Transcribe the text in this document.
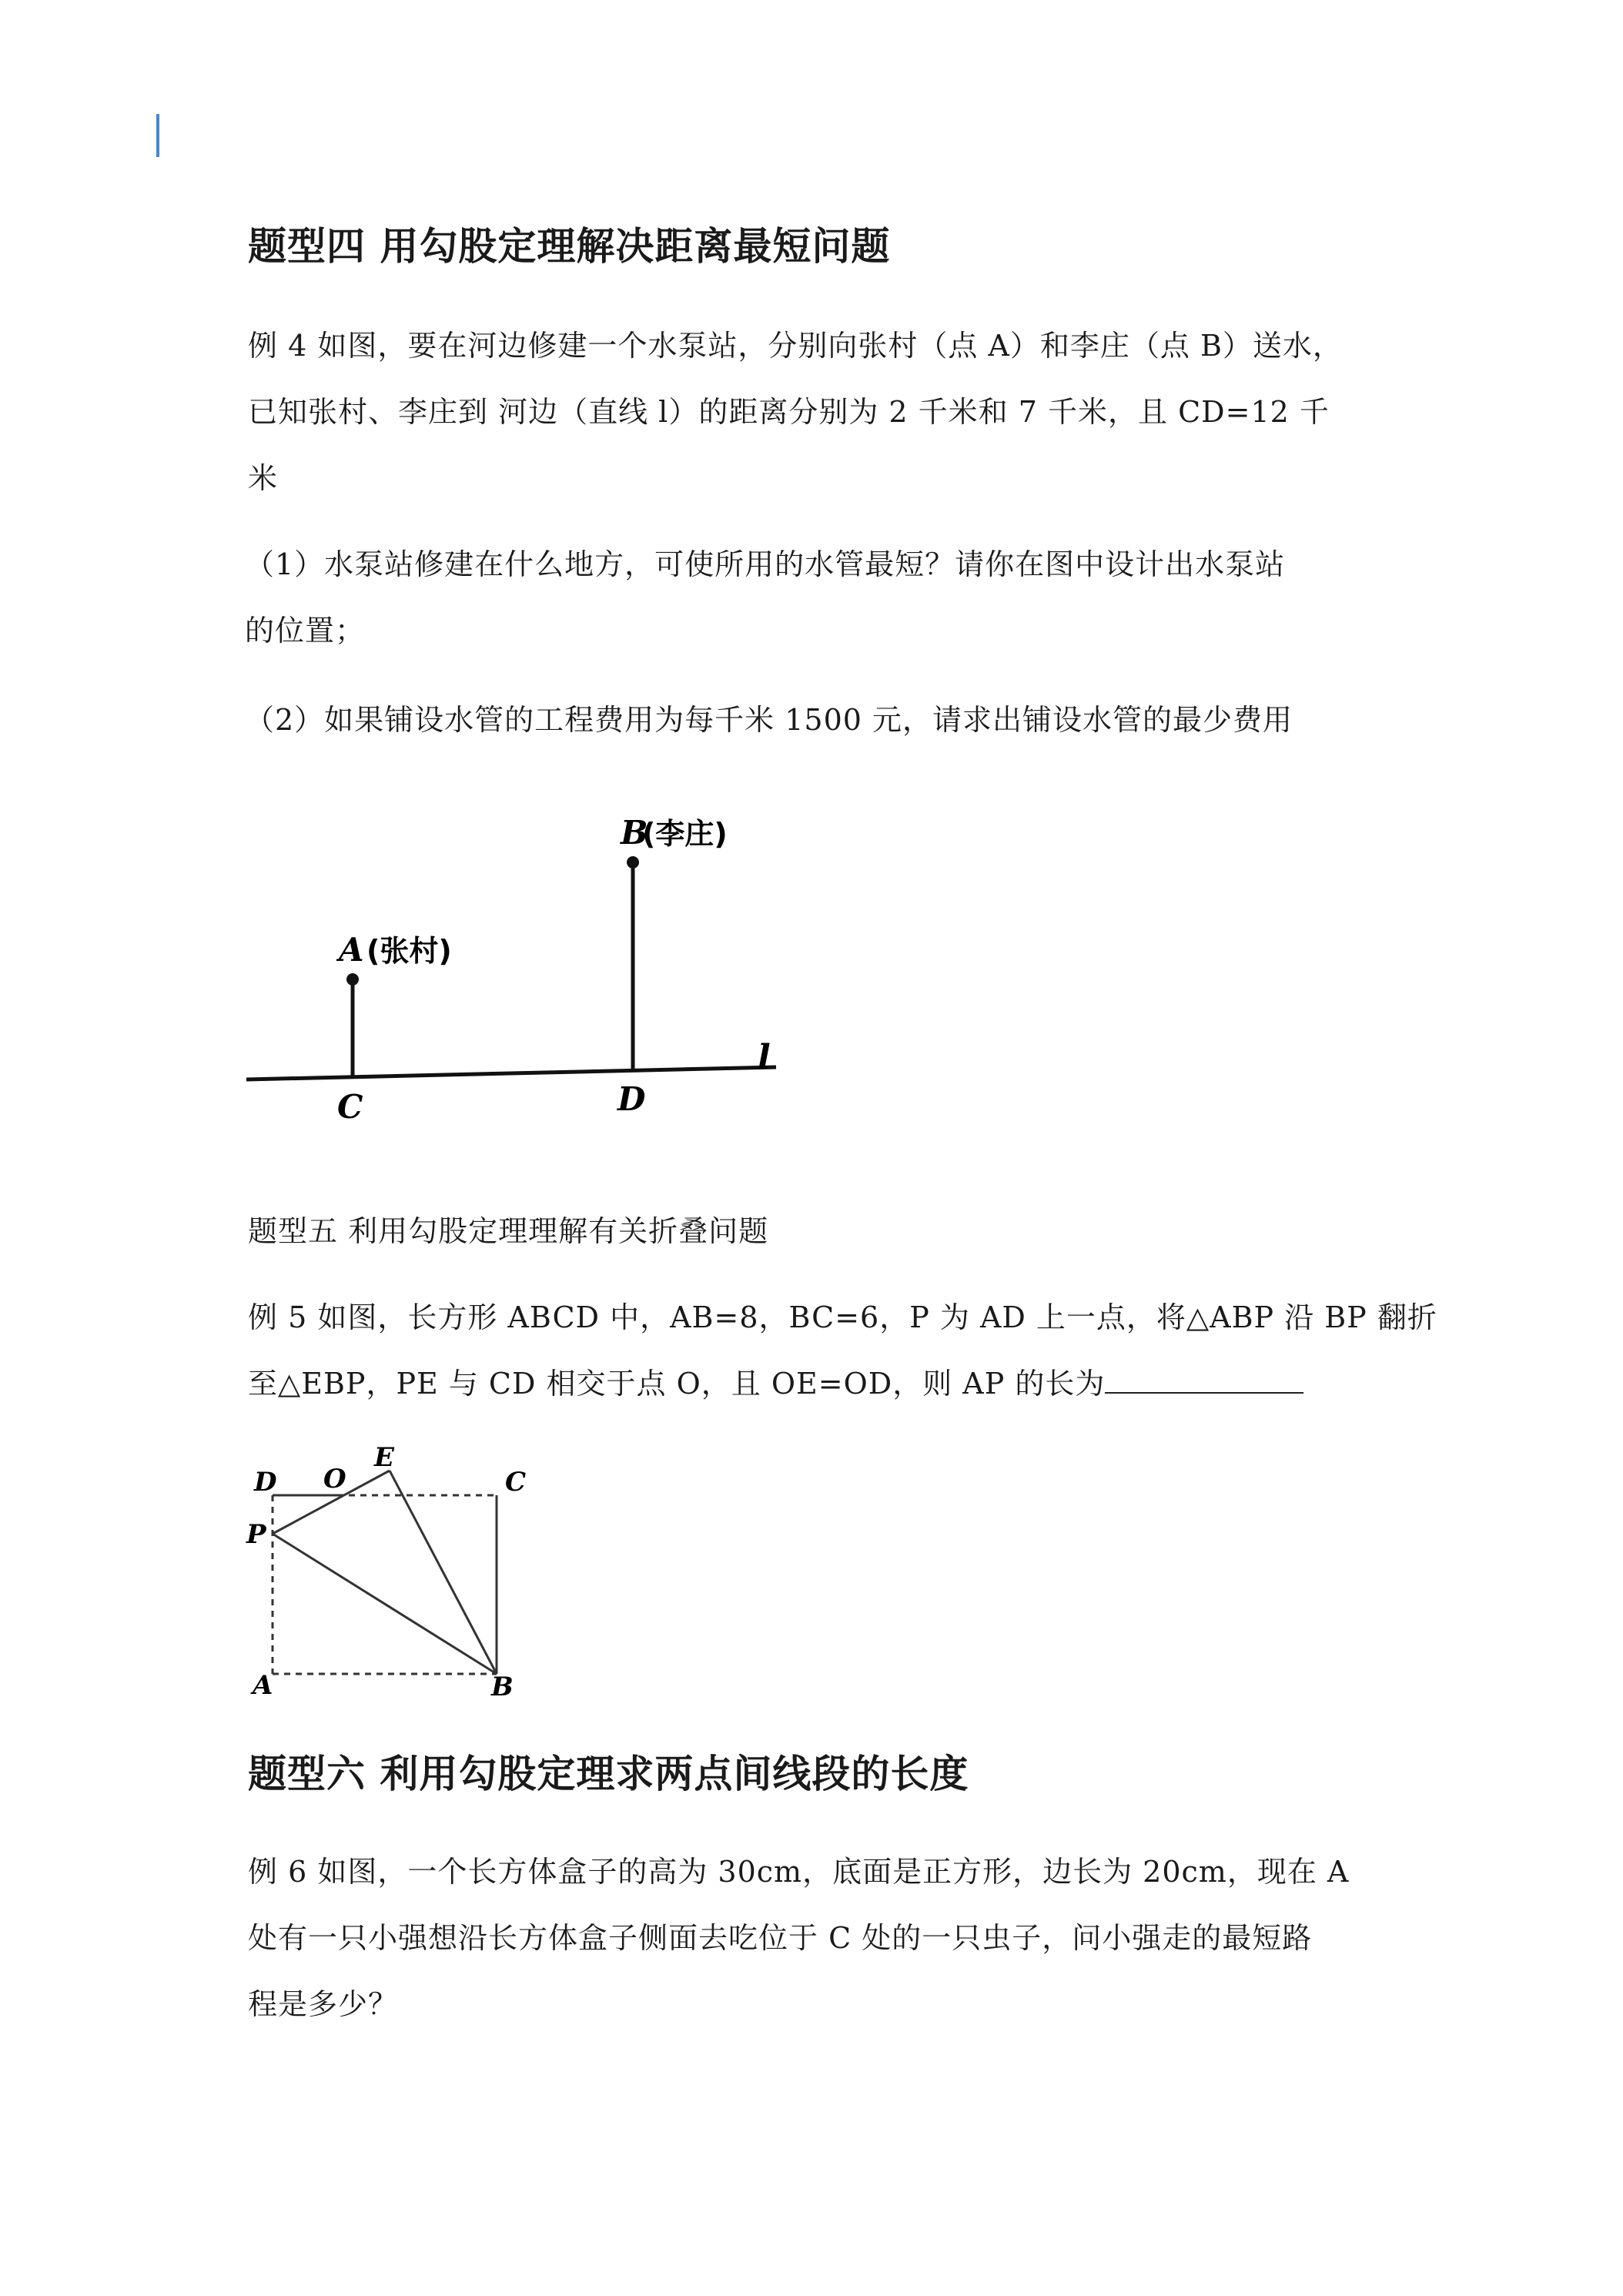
题型四 用勾股定理解决距离最短问题
例 4 如图，要在河边修建一个水泵站，分别向张村（点 A）和李庄（点 B）送水，
已知张村、李庄到 河边（直线 l）的距离分别为 2 千米和 7 千米，且 CD=12 千
米
（1）水泵站修建在什么地方，可使所用的水管最短？请你在图中设计出水泵站
的位置；
（2）如果铺设水管的工程费用为每千米 1500 元，请求出铺设水管的最少费用
A (张村)
B
(李庄)
C	D
l
题型五 利用勾股定理理解有关折叠问题
例 5 如图，长方形 ABCD 中，AB=8，BC=6，P 为 AD 上一点，将△ABP 沿 BP 翻折
至△EBP，PE 与 CD 相交于点 O，且 OE=OD，则 AP 的长为
D O
E
C
P
A	B
题型六 利用勾股定理求两点间线段的长度
例 6 如图，一个长方体盒子的高为 30cm，底面是正方形，边长为 20cm，现在 A
处有一只小强想沿长方体盒子侧面去吃位于 C 处的一只虫子，问小强走的最短路
程是多少？
